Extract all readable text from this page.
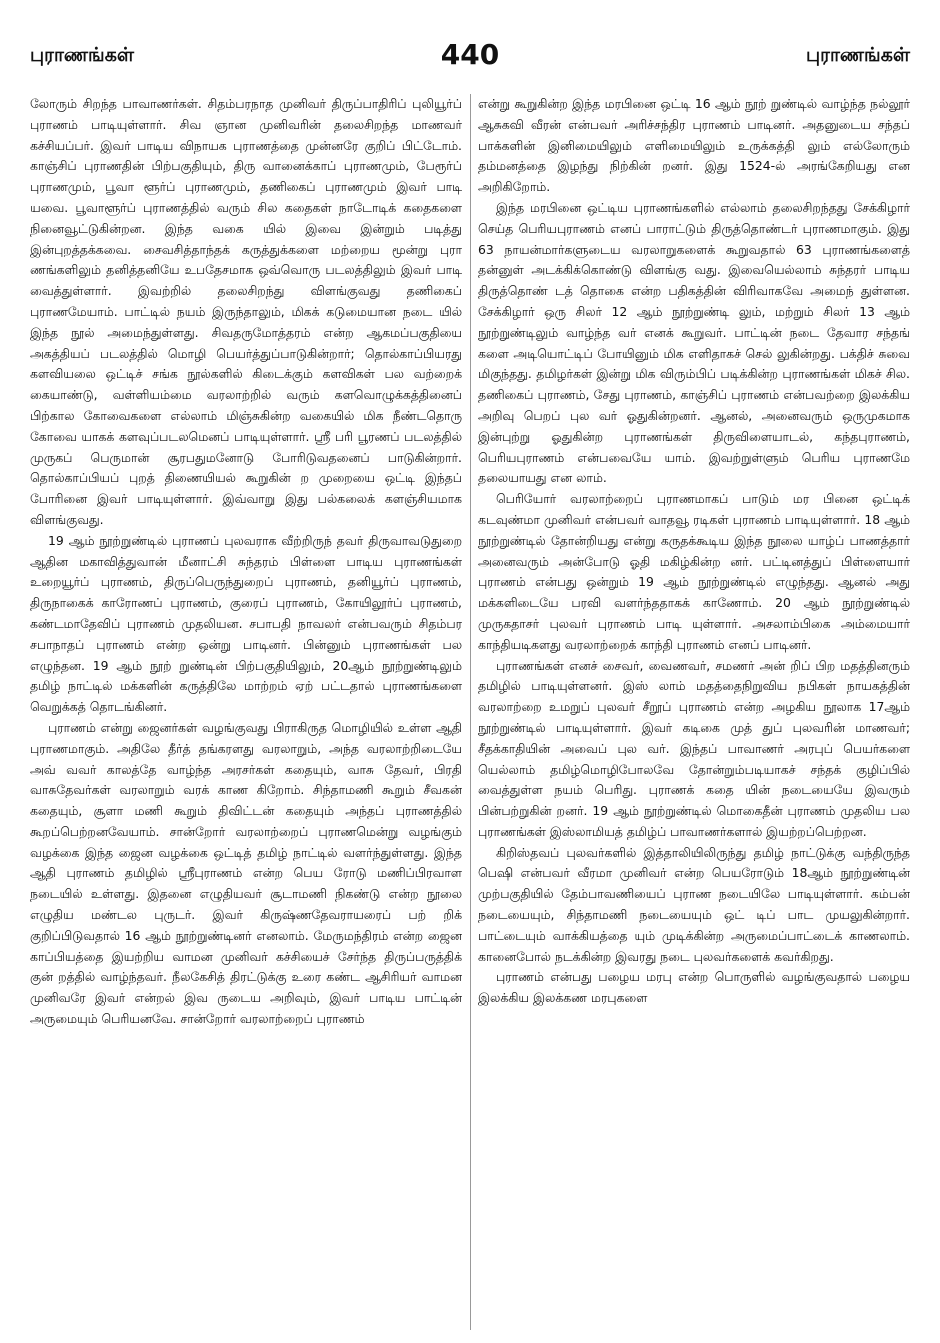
புராணங்கள்	440	புராணங்கள்

லோரும் சிறந்த பாவாணர்கள். சிதம்பரநாத முனிவர் திருப்பாதிரிப் புலியூர்ப் புராணம் பாடியுள்ளார். சிவ ஞான முனிவரின் தலைசிறந்த மாணவர் கச்சியப்பர். இவர் பாடிய விநாயக புராணத்தை முன்னரே குறிப் பிட்டோம். காஞ்சிப் புராணதின் பிற்பகுதியும், திரு வானைக்காப் புராணமும், பேரூர்ப் புராணமும், பூவா ளூர்ப் புராணமும், தணிகைப் புராணமும் இவர் பாடி யவை. பூவாளூர்ப் புராணத்தில் வரும் சில கதைகள் நாடோடிக் கதைகளை நினைவூட்டுகின்றன. இந்த வகை யில் இவை இன்றும் படித்து இன்புறத்தக்கவை. சைவசித்தாந்தக் கருத்துக்களை மற்றைய மூன்று புரா ணங்களிலும் தனித்தனியே உபதேசமாக ஒவ்வொரு படலத்திலும் இவர் பாடி வைத்துள்ளார். இவற்றில் தலைசிறந்து விளங்குவது தணிகைப் புராணமேயாம். பாட்டில் நயம் இருந்தாலும், மிகக் கடுமையான நடை யில் இந்த நூல் அமைந்துள்ளது. சிவதருமோத்தரம் என்ற ஆகமப்பகுதியை அகத்தியப் படலத்தில் மொழி பெயர்த்துப்பாடுகின்றார்; தொல்காப்பியரது களவியலை ஒட்டிச் சங்க நூல்களில் கிடைக்கும் களவிகள் பல வற்றைக் கையாண்டு, வள்ளியம்மை வரலாற்றில் வரும் களவொழுக்கத்தினைப் பிற்கால கோவைகளை எல்லாம் மிஞ்சுகின்ற வகையில் மிக நீண்டதொரு கோவை யாகக் களவுப்படலமெனப் பாடியுள்ளார். ஸ்ரீ பரி பூரணப் படலத்தில் முருகப் பெருமான் சூரபதுமனோடு போரிடுவதனைப் பாடுகின்றார். தொல்காப்பியப் புறத் திணையியல் கூறுகின் ற முறையை ஒட்டி இந்தப் போரினை இவர் பாடியுள்ளார். இவ்வாறு இது பல்கலைக் களஞ்சியமாக விளங்குவது.

19 ஆம் நூற்றுண்டில் புராணப் புலவராக வீற்றிருந் தவர் திருவாவடுதுறை ஆதின மகாவித்துவான் மீனாட்சி சுந்தரம் பிள்ளை பாடிய புராணங்கள் உறையூர்ப் புராணம், திருப்பெருந்துறைப் புராணம், தனியூர்ப் புராணம், திருநாகைக் காரோணப் புராணம், குரைப் புராணம், கோயிலூர்ப் புராணம், கண்டமாதேவிப் புராணம் முதலியன. சபாபதி நாவலர் என்பவரும் சிதம்பர சபாநாதப் புராணம் என்ற ஒன்று பாடினர். பின்னும் புராணங்கள் பல எழுந்தன. 19 ஆம் நூற் றுண்டின் பிற்பகுதியிலும், 20ஆம் நூற்றுண்டிலும் தமிழ் நாட்டில் மக்களின் கருத்திலே மாற்றம் ஏற் பட்டதால் புராணங்களை வெறுக்கத் தொடங்கினர்.

புராணம் என்று ஜைனர்கள் வழங்குவது பிராகிருத மொழியில் உள்ள ஆதி புராணமாகும். அதிலே தீர்த் தங்கரளது வரலாறும், அந்த வரலாற்றிடையே அவ் வவர் காலத்தே வாழ்ந்த அரசர்கள் கதையும், வாசு தேவர், பிரதி வாசுதேவர்கள் வரலாறும் வரக் காண கிறோம். சிந்தாமணி கூறும் சீவகன் கதையும், சூளா மணி கூறும் திவிட்டன் கதையும் அந்தப் புராணத்தில் கூறப்பெற்றனவேயாம். சான்றோர் வரலாற்றைப் புராணமென்று வழங்கும் வழக்கை இந்த ஜைன வழக்கை ஒட்டித் தமிழ் நாட்டில் வளர்ந்துள்ளது. இந்த ஆதி புராணம் தமிழில் ஸ்ரீபுராணம் என்ற பெய ரோடு மணிப்பிரவாள நடையில் உள்ளது. இதனை எழுதியவர் சூடாமணி நிகண்டு என்ற நூலை எழுதிய மண்டல புருடர். இவர் கிருஷ்ணதேவராயரைப் பற் றிக் குறிப்பிடுவதால் 16 ஆம் நூற்றுண்டினர் எனலாம். மேருமந்திரம் என்ற ஜைன காப்பியத்தை இயற்றிய வாமன முனிவர் கச்சியைச் சேர்ந்த திருப்பருத்திக் குன் றத்தில் வாழ்ந்தவர். நீலகேசித் திரட்டுக்கு உரை கண்ட ஆசிரியர் வாமன முனிவரே இவர் என்றல் இவ ருடைய அறிவும், இவர் பாடிய பாட்டின் அருமையும் பெரியனவே. சான்றோர் வரலாற்றைப் புராணம்

என்று கூறுகின்ற இந்த மரபினை ஒட்டி 16 ஆம் நூற் றுண்டில் வாழ்ந்த நல்லூர் ஆசுகவி வீரன் என்பவர் அரிச்சந்திர புராணம் பாடினர். அதனுடைய சந்தப் பாக்களின் இனிமையிலும் எளிமையிலும் உருக்கத்தி லும் எல்லோரும் தம்மனத்தை இழந்து நிற்கின் றனர். இது 1524-ல் அரங்கேறியது என அறிகிறோம்.

இந்த மரபினை ஒட்டிய புராணங்களில் எல்லாம் தலைசிறந்தது சேக்கிழார் செய்த பெரியபுராணம் எனப் பாராட்டும் திருத்தொண்டர் புராணமாகும். இது 63 நாயன்மார்களுடைய வரலாறுகளைக் கூறுவதால் 63 புராணங்களைத் தன்னுள் அடக்கிக்கொண்டு விளங்கு வது. இவையெல்லாம் சுந்தரர் பாடிய திருத்தொண் டத் தொகை என்ற பதிகத்தின் விரிவாகவே அமைந் துள்ளன. சேக்கிழார் ஒரு சிலர் 12 ஆம் நூற்றுண்டி லும், மற்றும் சிலர் 13 ஆம் நூற்றுண்டிலும் வாழ்ந்த வர் எனக் கூறுவர். பாட்டின் நடை தேவார சந்தங் களை அடியொட்டிப் போயினும் மிக எளிதாகச் செல் லுகின்றது. பக்திச் சுவை மிகுந்தது. தமிழர்கள் இன்று மிக விரும்பிப் படிக்கின்ற புராணங்கள் மிகச் சில. தணிகைப் புராணம், சேது புராணம், காஞ்சிப் புராணம் என்பவற்றை இலக்கிய அறிவு பெறப் புல வர் ஓதுகின்றனர். ஆனல், அனைவரும் ஒருமுகமாக இன்புற்று ஓதுகின்ற புராணங்கள் திருவிளையாடல், கந்தபுராணம், பெரியபுராணம் என்பவையே யாம். இவற்றுள்ளும் பெரிய புராணமே தலையாயது என லாம்.

பெரியோர் வரலாற்றைப் புராணமாகப் பாடும் மர பினை ஒட்டிக் கடவுண்மா முனிவர் என்பவர் வாதவூ ரடிகள் புராணம் பாடியுள்ளார். 18 ஆம் நூற்றுண்டில் தோன்றியது என்று கருதக்கூடிய இந்த நூலை யாழ்ப் பாணத்தார் அனைவரும் அன்போடு ஓதி மகிழ்கின்ற னர். பட்டினத்துப் பிள்ளையார் புராணம் என்பது ஒன்றும் 19 ஆம் நூற்றுண்டில் எழுந்தது. ஆனல் அது மக்களிடையே பரவி வளர்ந்ததாகக் காணோம். 20 ஆம் நூற்றுண்டில் முருகதாசர் புலவர் புராணம் பாடி யுள்ளார். அசலாம்பிகை அம்மையார் காந்தியடிகளது வரலாற்றைக் காந்தி புராணம் எனப் பாடினர்.

புராணங்கள் எனச் சைவர், வைணவர், சமணர் அன் றிப் பிற மதத்தினரும் தமிழில் பாடியுள்ளனர். இஸ் லாம் மதத்தைநிறுவிய நபிகள் நாயகத்தின் வரலாற்றை உமறுப் புலவர் சீறூப் புராணம் என்ற அழகிய நூலாக 17ஆம் நூற்றுண்டில் பாடியுள்ளார். இவர் கடிகை முத் துப் புலவரின் மாணவர்; சீதக்காதியின் அவைப் புல வர். இந்தப் பாவாணர் அரபுப் பெயர்களை யெல்லாம் தமிழ்மொழிபோலவே தோன்றும்படியாகச் சந்தக் குழிப்பில் வைத்துள்ள நயம் பெரிது. புராணக் கதை யின் நடையையே இவரும் பின்பற்றுகின் றனர். 19 ஆம் நூற்றுண்டில் மொகைதீன் புராணம் முதலிய பல புராணங்கள் இஸ்லாமியத் தமிழ்ப் பாவாணர்களால் இயற்றப்பெற்றன.

கிறிஸ்தவப் புலவர்களில் இத்தாலியிலிருந்து தமிழ் நாட்டுக்கு வந்திருந்த பெஷி என்பவர் வீரமா முனிவர் என்ற பெயரோடும் 18ஆம் நூற்றுண்டின் முற்பகுதியில் தேம்பாவணியைப் புராண நடையிலே பாடியுள்ளார். கம்பன் நடையையும், சிந்தாமணி நடையையும் ஒட் டிப் பாட முயலுகின்றார். பாட்டையும் வாக்கியத்தை யும் முடிக்கின்ற அருமைப்பாட்டைக் காணலாம். கானைபோல் நடக்கின்ற இவரது நடை புலவர்களைக் கவர்கிறது.

புராணம் என்பது பழைய மரபு என்ற பொருளில் வழங்குவதால் பழைய இலக்கிய இலக்கண மரபுகளை
